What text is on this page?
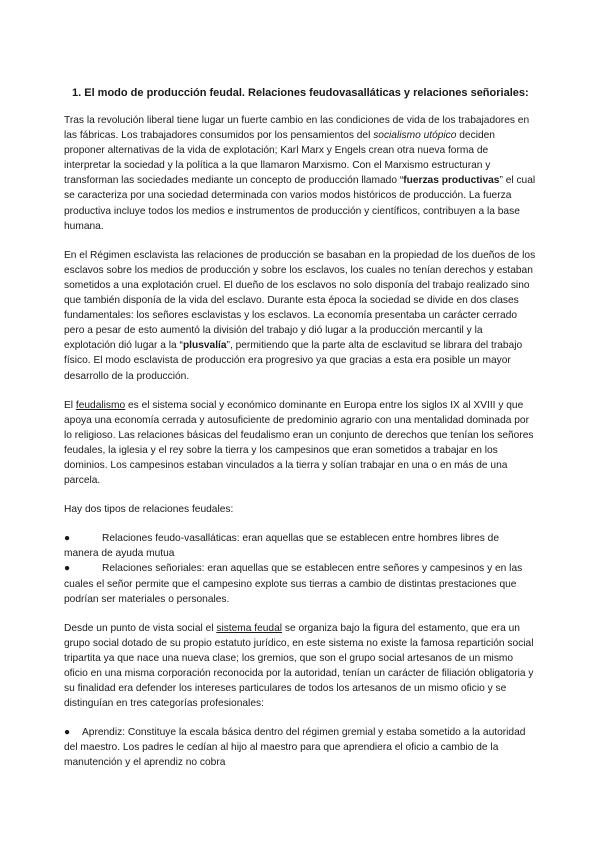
1. El modo de producción feudal. Relaciones feudovasalláticas y relaciones señoriales:

Tras la revolución liberal tiene lugar un fuerte cambio en las condiciones de vida de los trabajadores en las fábricas. Los trabajadores consumidos por los pensamientos del socialismo utópico deciden proponer alternativas de la vida de explotación; Karl Marx y Engels crean otra nueva forma de interpretar la sociedad y la política a la que llamaron Marxismo. Con el Marxismo estructuran y transforman las sociedades mediante un concepto de producción llamado “fuerzas productivas” el cual se caracteriza por una sociedad determinada con varios modos históricos de producción. La fuerza productiva incluye todos los medios e instrumentos de producción y científicos, contribuyen a la base humana.

En el Régimen esclavista las relaciones de producción se basaban en la propiedad de los dueños de los esclavos sobre los medios de producción y sobre los esclavos, los cuales no tenían derechos y estaban sometidos a una explotación cruel. El dueño de los esclavos no solo disponía del trabajo realizado sino que también disponía de la vida del esclavo. Durante esta época la sociedad se divide en dos clases fundamentales: los señores esclavistas y los esclavos. La economía presentaba un carácter cerrado pero a pesar de esto aumentó la división del trabajo y dió lugar a la producción mercantil y la explotación dió lugar a la “plusvalía”, permitiendo que la parte alta de esclavitud se librara del trabajo físico. El modo esclavista de producción era progresivo ya que gracias a esta era posible un mayor desarrollo de la producción.

El feudalismo es el sistema social y económico dominante en Europa entre los siglos IX al XVIII y que apoya una economía cerrada y autosuficiente de predominio agrario con una mentalidad dominada por lo religioso. Las relaciones básicas del feudalismo eran un conjunto de derechos que tenían los señores feudales, la iglesia y el rey sobre la tierra y los campesinos que eran sometidos a trabajar en los dominios. Los campesinos estaban vinculados a la tierra y solían trabajar en una o en más de una parcela.

Hay dos tipos de relaciones feudales:

●	Relaciones feudo-vasalláticas: eran aquellas que se establecen entre hombres libres de manera de ayuda mutua
●	Relaciones señoriales: eran aquellas que se establecen entre señores y campesinos y en las cuales el señor permite que el campesino explote sus tierras a cambio de distintas prestaciones que podrían ser materiales o personales.

Desde un punto de vista social el sistema feudal se organiza bajo la figura del estamento, que era un grupo social dotado de su propio estatuto jurídico, en este sistema no existe la famosa repartición social tripartita ya que nace una nueva clase; los gremios, que son el grupo social artesanos de un mismo oficio en una misma corporación reconocida por la autoridad, tenían un carácter de filiación obligatoria y su finalidad era defender los intereses particulares de todos los artesanos de un mismo oficio y se distinguían en tres categorías profesionales:

● Aprendiz: Constituye la escala básica dentro del régimen gremial y estaba sometido a la autoridad del maestro. Los padres le cedían al hijo al maestro para que aprendiera el oficio a cambio de la manutención y el aprendiz no cobra
